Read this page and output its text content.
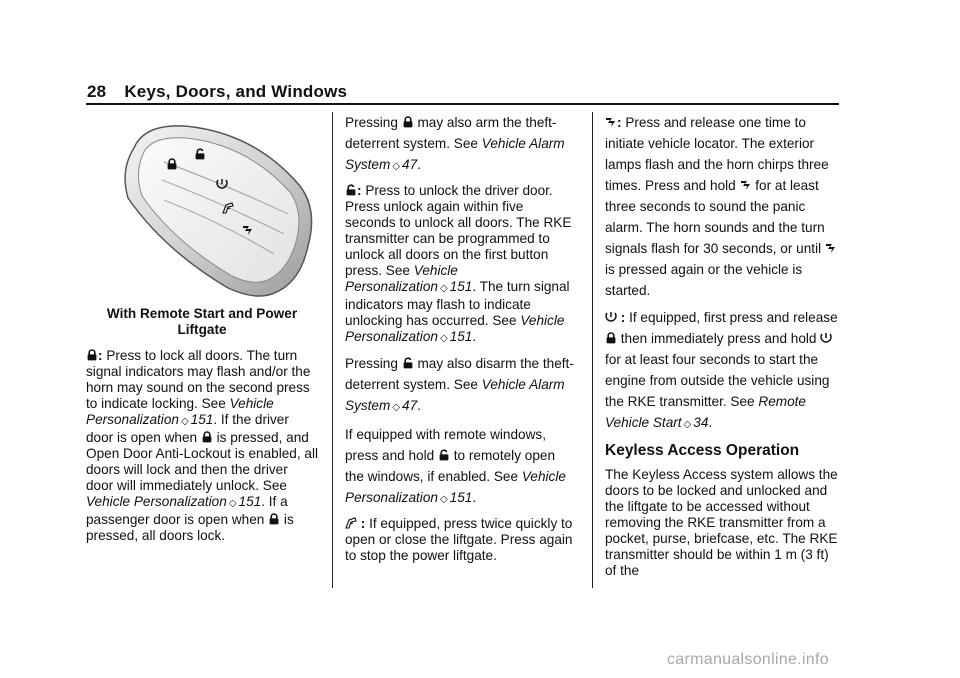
28 Keys, Doors, and Windows
With Remote Start and Power Liftgate

: Press to lock all doors. The turn signal indicators may flash and/or the horn may sound on the second press to indicate locking. See Vehicle Personalization ◇ 151. If the driver door is open when is pressed, and Open Door Anti-Lockout is enabled, all doors will lock and then the driver door will immediately unlock. See Vehicle Personalization ◇ 151. If a passenger door is open when is pressed, all doors lock.

Pressing may also arm the theft-deterrent system. See Vehicle Alarm System ◇ 47.

: Press to unlock the driver door. Press unlock again within five seconds to unlock all doors. The RKE transmitter can be programmed to unlock all doors on the first button press. See Vehicle Personalization ◇ 151. The turn signal indicators may flash to indicate unlocking has occurred. See Vehicle Personalization ◇ 151.

Pressing may also disarm the theft-deterrent system. See Vehicle Alarm System ◇ 47.

If equipped with remote windows, press and hold to remotely open the windows, if enabled. See Vehicle Personalization ◇ 151.

: If equipped, press twice quickly to open or close the liftgate. Press again to stop the power liftgate.

: Press and release one time to initiate vehicle locator. The exterior lamps flash and the horn chirps three times. Press and hold for at least three seconds to sound the panic alarm. The horn sounds and the turn signals flash for 30 seconds, or until  is pressed again or the vehicle is started.

: If equipped, first press and release  then immediately press and hold  for at least four seconds to start the engine from outside the vehicle using the RKE transmitter. See Remote Vehicle Start ◇ 34.

Keyless Access Operation

The Keyless Access system allows the doors to be locked and unlocked and the liftgate to be accessed without removing the RKE transmitter from a pocket, purse, briefcase, etc. The RKE transmitter should be within 1 m (3 ft) of the

carmanualsonline.info
